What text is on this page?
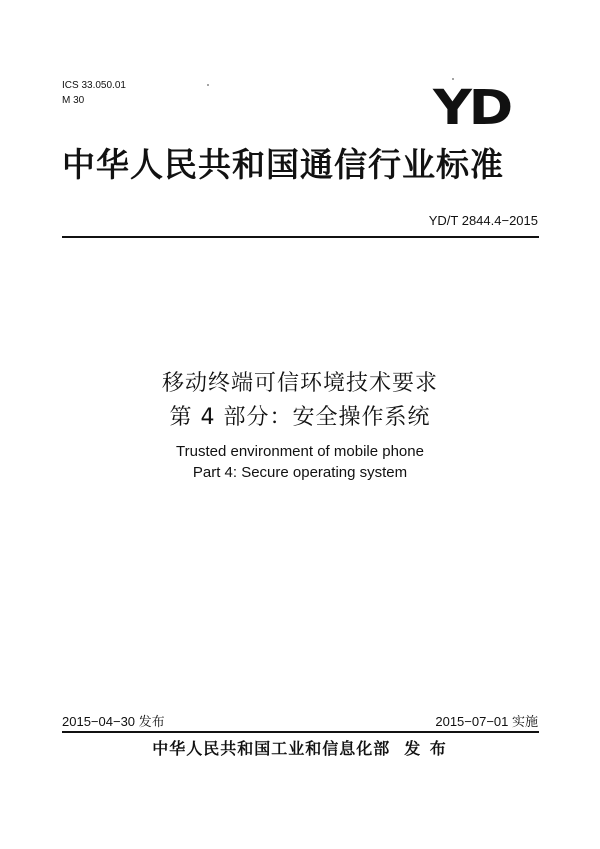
ICS 33.050.01
M 30	YD
中华人民共和国通信行业标准
YD/T 2844.4−2015
移动终端可信环境技术要求
第 4 部分：安全操作系统
Trusted environment of mobile phone
Part 4: Secure operating system
2015−04−30 发布	2015−07−01 实施
中华人民共和国工业和信息化部 发 布
